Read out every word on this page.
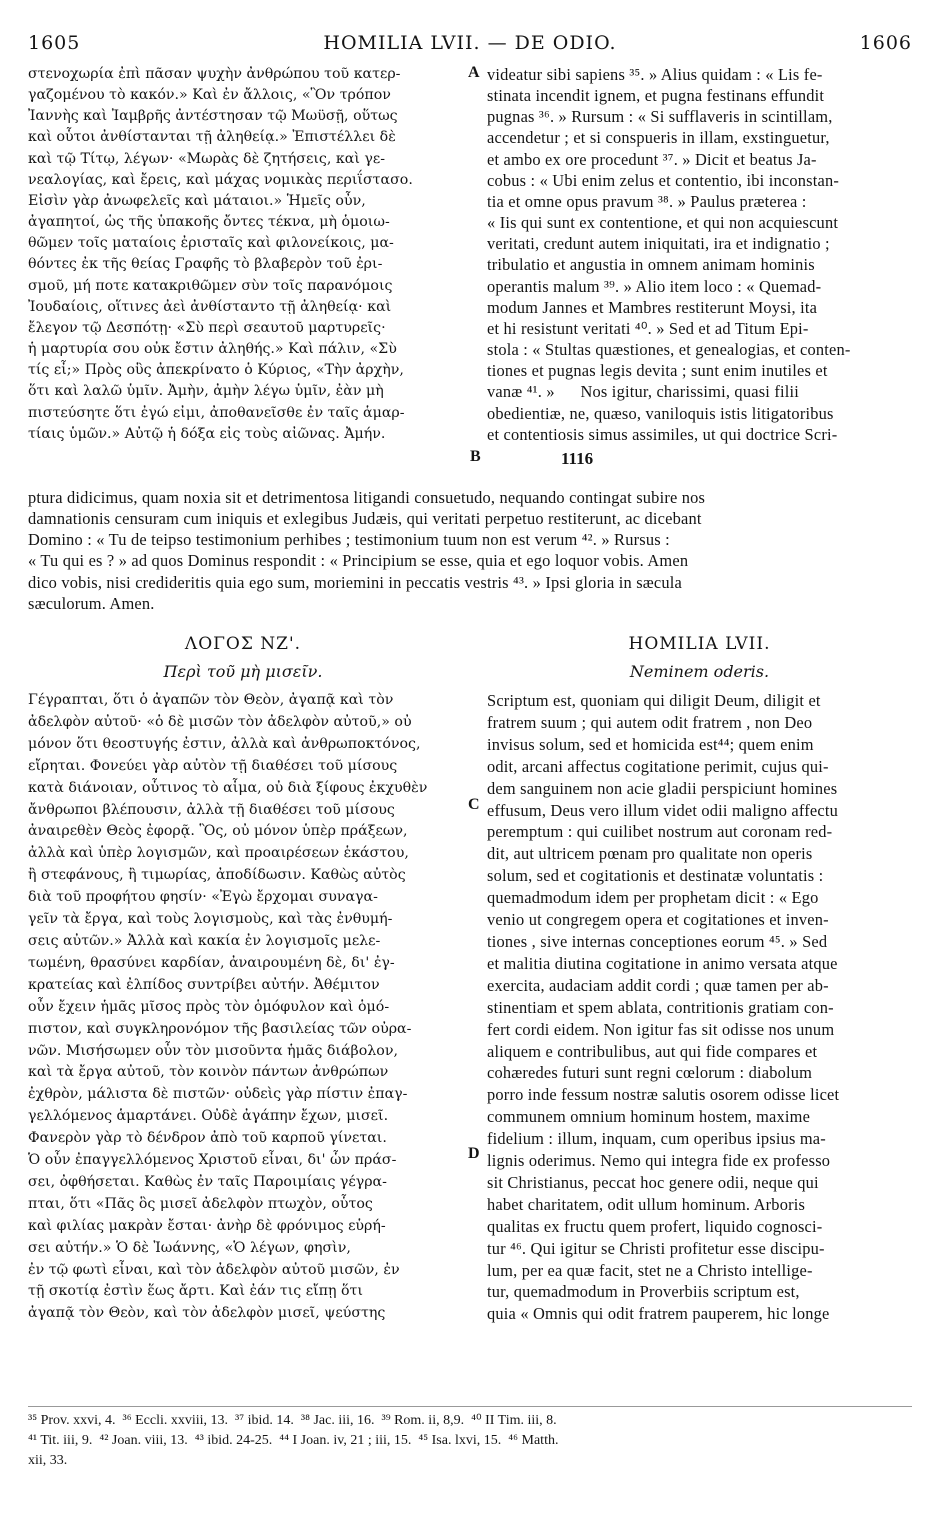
1605	HOMILIA LVII. — DE ODIO.	1606
στενοχωρία ἐπὶ πᾶσαν ψυχὴν ἀνθρώπου τοῦ κατερ-
γαζομένου τὸ κακόν.» Καὶ ἐν ἄλλοις, «Ὃν τρόπον
Ἰαννὴς καὶ Ἰαμβρῆς ἀντέστησαν τῷ Μωϋσῇ, οὕτως
καὶ οὗτοι ἀνθίστανται τῇ ἀληθείᾳ.» Ἐπιστέλλει δὲ
καὶ τῷ Τίτῳ, λέγων· «Μωρὰς δὲ ζητήσεις, καὶ γε-
νεαλογίας, καὶ ἔρεις, καὶ μάχας νομικὰς περιΐστασο.
Εἰσὶν γὰρ ἀνωφελεῖς καὶ μάταιοι.» Ἡμεῖς οὖν,
ἀγαπητοί, ὡς τῆς ὑπακοῆς ὄντες τέκνα, μὴ ὁμοιω-
θῶμεν τοῖς ματαίοις ἐρισταῖς καὶ φιλονείκοις, μα-
θόντες ἐκ τῆς θείας Γραφῆς τὸ βλαβερὸν τοῦ ἐρι-
σμοῦ, μή ποτε κατακριθῶμεν σὺν τοῖς παρανόμοις
Ἰουδαίοις, οἵτινες ἀεὶ ἀνθίσταντο τῇ ἀληθείᾳ· καὶ
ἔλεγον τῷ Δεσπότῃ· «Σὺ περὶ σεαυτοῦ μαρτυρεῖς·
ἡ μαρτυρία σου οὐκ ἔστιν ἀληθής.» Καὶ πάλιν, «Σὺ
τίς εἶ;» Πρὸς οὓς ἀπεκρίνατο ὁ Κύριος, «Τὴν ἀρχὴν,
ὅτι καὶ λαλῶ ὑμῖν. Ἀμὴν, ἀμὴν λέγω ὑμῖν, ἐὰν μὴ
πιστεύσητε ὅτι ἐγώ εἰμι, ἀποθανεῖσθε ἐν ταῖς ἁμαρ-
τίαις ὑμῶν.» Αὐτῷ ἡ δόξα εἰς τοὺς αἰῶνας. Ἀμήν.

videatur sibi sapiens ³⁵. » Alius quidam : « Lis fe-
stinata incendit ignem, et pugna festinans effundit
pugnas ³⁶. » Rursum : « Si sufflaveris in scintillam,
accendetur ; et si conspueris in illam, exstinguetur,
et ambo ex ore procedunt ³⁷. » Dicit et beatus Ja-
cobus : « Ubi enim zelus et contentio, ibi inconstan-
tia et omne opus pravum ³⁸. » Paulus præterea :
« Iis qui sunt ex contentione, et qui non acquiescunt
veritati, credunt autem iniquitati, ira et indignatio ;
tribulatio et angustia in omnem animam hominis
operantis malum ³⁹. » Alio item loco : « Quemad-
modum Jannes et Mambres restiterunt Moysi, ita
et hi resistunt veritati ⁴⁰. » Sed et ad Titum Epi-
stola : « Stultas quæstiones, et genealogias, et conten-
tiones et pugnas legis devita ; sunt enim inutiles et
vanæ ⁴¹. »      Nos igitur, charissimi, quasi filii
obedientiæ, ne, quæso, vaniloquis istis litigatoribus
et contentiosis simus assimiles, ut qui doctrice Scri-

A
B	1116
ptura didicimus, quam noxia sit et detrimentosa litigandi consuetudo, nequando contingat subire nos
damnationis censuram cum iniquis et exlegibus Judæis, qui veritati perpetuo restiterunt, ac dicebant
Domino : « Tu de teipso testimonium perhibes ; testimonium tuum non est verum ⁴². » Rursus :
« Tu qui es ? » ad quos Dominus respondit : « Principium se esse, quia et ego loquor vobis. Amen
dico vobis, nisi credideritis quia ego sum, moriemini in peccatis vestris ⁴³. » Ipsi gloria in sæcula
sæculorum. Amen.

ΛΟΓΟΣ ΝΖ'.
Περὶ τοῦ μὴ μισεῖν.
HOMILIA LVII.
Neminem oderis.
Γέγραπται, ὅτι ὁ ἀγαπῶν τὸν Θεὸν, ἀγαπᾷ καὶ τὸν
ἀδελφὸν αὐτοῦ· «ὁ δὲ μισῶν τὸν ἀδελφὸν αὐτοῦ,» οὐ
μόνον ὅτι θεοστυγής ἐστιν, ἀλλὰ καὶ ἀνθρωποκτόνος,
εἴρηται. Φονεύει γὰρ αὐτὸν τῇ διαθέσει τοῦ μίσους
κατὰ διάνοιαν, οὗτινος τὸ αἷμα, οὐ διὰ ξίφους ἐκχυθὲν
ἄνθρωποι βλέπουσιν, ἀλλὰ τῇ διαθέσει τοῦ μίσους
ἀναιρεθὲν Θεὸς ἐφορᾷ. Ὃς, οὐ μόνον ὑπὲρ πράξεων,
ἀλλὰ καὶ ὑπὲρ λογισμῶν, καὶ προαιρέσεων ἑκάστου,
ἢ στεφάνους, ἢ τιμωρίας, ἀποδίδωσιν. Καθὼς αὐτὸς
διὰ τοῦ προφήτου φησίν· «Ἐγὼ ἔρχομαι συναγα-
γεῖν τὰ ἔργα, καὶ τοὺς λογισμοὺς, καὶ τὰς ἐνθυμή-
σεις αὐτῶν.» Ἀλλὰ καὶ κακία ἐν λογισμοῖς μελε-
τωμένη, θρασύνει καρδίαν, ἀναιρουμένη δὲ, δι' ἐγ-
κρατείας καὶ ἐλπίδος συντρίβει αὐτήν. Ἀθέμιτον
οὖν ἔχειν ἡμᾶς μῖσος πρὸς τὸν ὁμόφυλον καὶ ὁμό-
πιστον, καὶ συγκληρονόμον τῆς βασιλείας τῶν οὐρα-
νῶν. Μισήσωμεν οὖν τὸν μισοῦντα ἡμᾶς διάβολον,
καὶ τὰ ἔργα αὐτοῦ, τὸν κοινὸν πάντων ἀνθρώπων
ἐχθρὸν, μάλιστα δὲ πιστῶν· οὐδεὶς γὰρ πίστιν ἐπαγ-
γελλόμενος ἁμαρτάνει. Οὐδὲ ἀγάπην ἔχων, μισεῖ.
Φανερὸν γὰρ τὸ δένδρον ἀπὸ τοῦ καρποῦ γίνεται.
Ὁ οὖν ἐπαγγελλόμενος Χριστοῦ εἶναι, δι' ὧν πράσ-
σει, ὀφθήσεται. Καθὼς ἐν ταῖς Παροιμίαις γέγρα-
πται, ὅτι «Πᾶς ὃς μισεῖ ἀδελφὸν πτωχὸν, οὗτος
καὶ φιλίας μακρὰν ἔσται· ἀνὴρ δὲ φρόνιμος εὑρή-
σει αὐτήν.» Ὁ δὲ Ἰωάννης, «Ὁ λέγων, φησὶν,
ἐν τῷ φωτὶ εἶναι, καὶ τὸν ἀδελφὸν αὐτοῦ μισῶν, ἐν
τῇ σκοτίᾳ ἐστὶν ἕως ἄρτι. Καὶ ἐάν τις εἴπῃ ὅτι
ἀγαπᾷ τὸν Θεὸν, καὶ τὸν ἀδελφὸν μισεῖ, ψεύστης

Scriptum est, quoniam qui diligit Deum, diligit et
fratrem suum ; qui autem odit fratrem , non Deo
invisus solum, sed et homicida est⁴⁴; quem enim
odit, arcani affectus cogitatione perimit, cujus qui-
dem sanguinem non acie gladii perspiciunt homines
effusum, Deus vero illum videt odii maligno affectu
peremptum : qui cuilibet nostrum aut coronam red-
dit, aut ultricem pœnam pro qualitate non operis
solum, sed et cogitationis et destinatæ voluntatis :
quemadmodum idem per prophetam dicit : « Ego
venio ut congregem opera et cogitationes et inven-
tiones , sive internas conceptiones eorum ⁴⁵. » Sed
et malitia diutina cogitatione in animo versata atque
exercita, audaciam addit cordi ; quæ tamen per ab-
stinentiam et spem ablata, contritionis gratiam con-
fert cordi eidem. Non igitur fas sit odisse nos unum
aliquem e contribulibus, aut qui fide compares et
cohæredes futuri sunt regni cœlorum : diabolum
porro inde fessum nostræ salutis osorem odisse licet
communem omnium hominum hostem, maxime
fidelium : illum, inquam, cum operibus ipsius ma-
lignis oderimus. Nemo qui integra fide ex professo
sit Christianus, peccat hoc genere odii, neque qui
habet charitatem, odit ullum hominum. Arboris
qualitas ex fructu quem profert, liquido cognosci-
tur ⁴⁶. Qui igitur se Christi profitetur esse discipu-
lum, per ea quæ facit, stet ne a Christo intellige-
tur, quemadmodum in Proverbiis scriptum est,
quia « Omnis qui odit fratrem pauperem, hic longe

C
D
³⁵ Prov. xxvi, 4.  ³⁶ Eccli. xxviii, 13.  ³⁷ ibid. 14.  ³⁸ Jac. iii, 16.  ³⁹ Rom. ii, 8,9.  ⁴⁰ II Tim. iii, 8.
⁴¹ Tit. iii, 9.  ⁴² Joan. viii, 13.  ⁴³ ibid. 24-25.  ⁴⁴ I Joan. iv, 21 ; iii, 15.  ⁴⁵ Isa. lxvi, 15.  ⁴⁶ Matth.
xii, 33.
